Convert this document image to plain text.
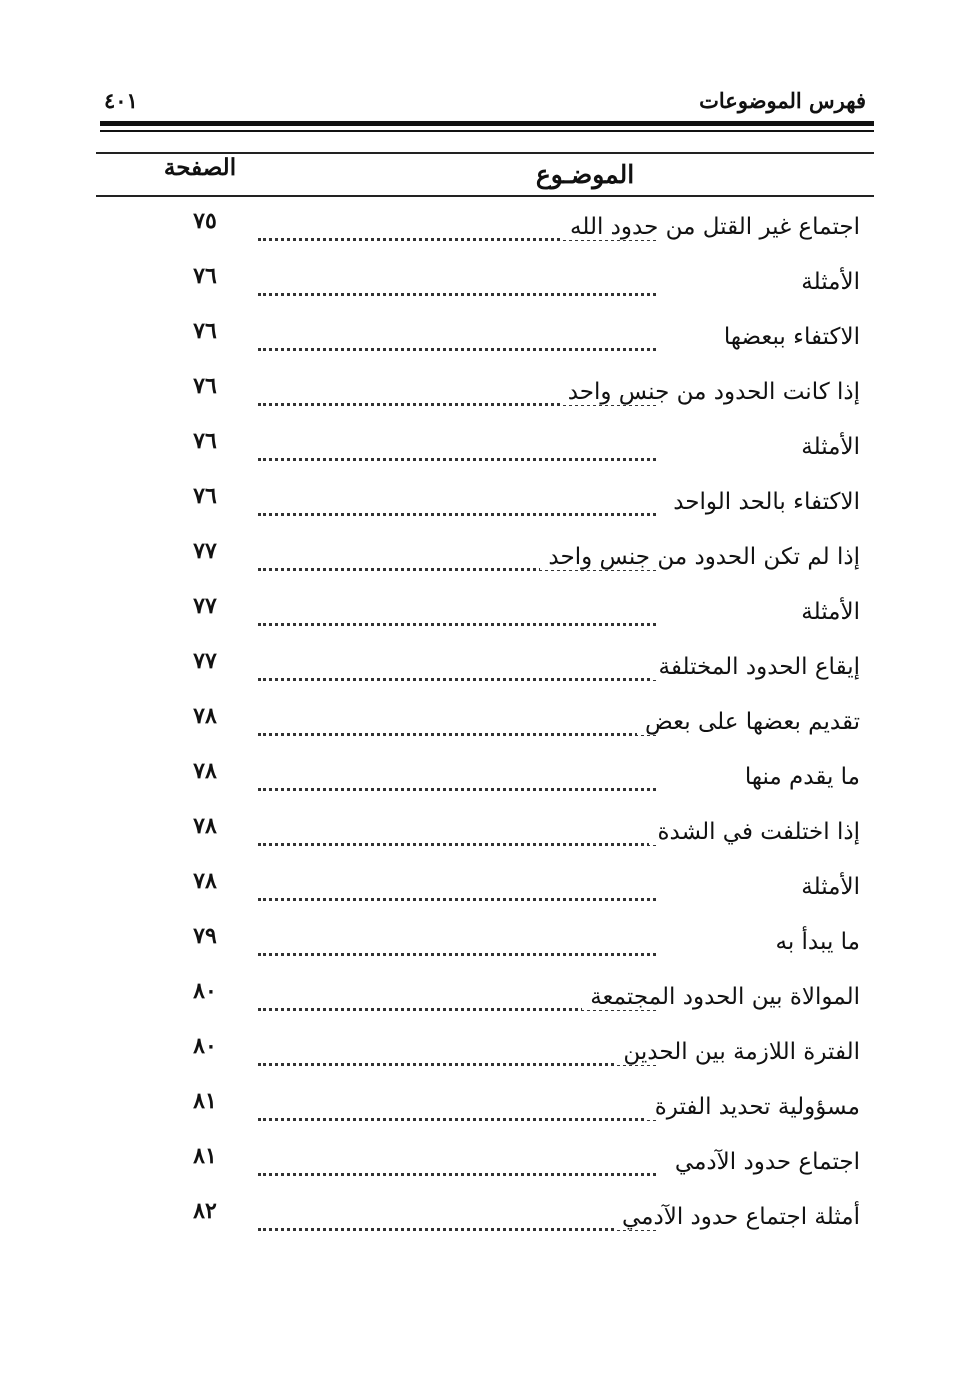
فهرس الموضوعات
٤٠١
الموضـوع
الصفحة
اجتماع غير القتل من حدود الله
٧٥
الأمثلة
٧٦
الاكتفاء ببعضها
٧٦
إذا كانت الحدود من جنس واحد
٧٦
الأمثلة
٧٦
الاكتفاء بالحد الواحد
٧٦
إذا لم تكن الحدود من جنس واحد
٧٧
الأمثلة
٧٧
إيقاع الحدود المختلفة
٧٧
تقديم بعضها على بعض
٧٨
ما يقدم منها
٧٨
إذا اختلفت في الشدة
٧٨
الأمثلة
٧٨
ما يبدأ به
٧٩
الموالاة بين الحدود المجتمعة
٨٠
الفترة اللازمة بين الحدين
٨٠
مسؤولية تحديد الفترة
٨١
اجتماع حدود الآدمي
٨١
أمثلة اجتماع حدود الآدمي
٨٢
